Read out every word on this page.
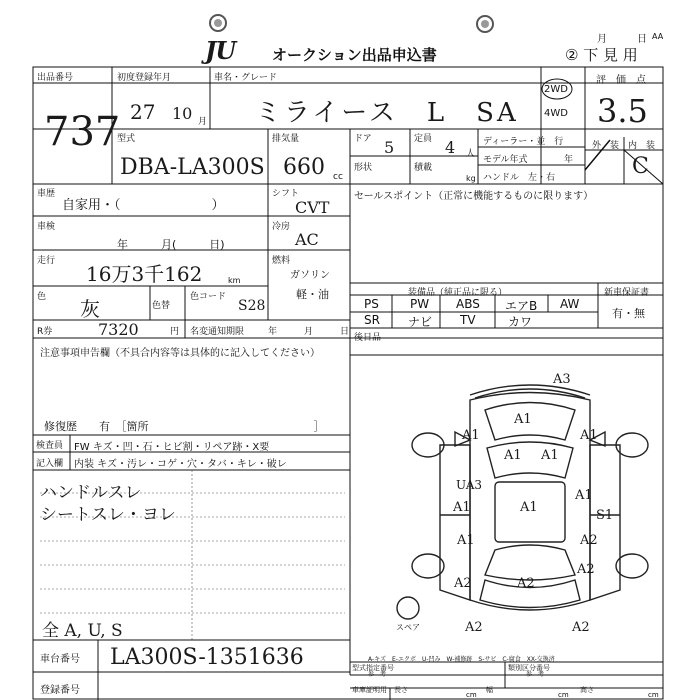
JU オークション出品申込書
月	日 AA
② 下 見 用
出品番号
737
初度登録年月
27 10 月
車名・グレード
ミライース　L　SA
2WD
4WD
評　価　点
3.5
型式
DBA-LA300S
排気量
660 cc
ドア 5 定員 4 人
形状	積載
kg
ディーラー・並　行
モデル年式	年
ハンドル　左・右
外　装 内　装
C
車歴
自家用・（　　　　　　　）
シフト
CVT
車検
年　　　月(　　　日)
冷房
AC
走行
16万3千162	km
燃料
ガソリン
軽・油
色 灰	色替
色コード
S28
R券	7320	円 名変通知期限	年　　　月　　　日
セールスポイント（正常に機能するものに限ります）
装備品（純正品に限る）	新車保証書
有・無
PS	PW ABS エアB AW
SR ナビ TV	カワ
後日品
注意事項申告欄（不具合内容等は具体的に記入してください）
修復歴　　有　［箇所　　　　　　　　　　　　　　　］
検査員
記入欄
FW キズ・凹・石・ヒビ割・リペア跡・X要
内装 キズ・汚レ・コゲ・穴・タバ・キレ・破レ
ハンドルスレ
シートスレ・ヨレ
全 A, U, S
車台番号 LA300S-1351636
登録番号
A3
A1
A1	A1
A1 A1
UA3
A1
A1	A1
S1
A1	A2
A2
A2	A2
A2	A2
スペア
A-キズ　E-エクボ　U-凹み　W-補修跡　S-サビ　C-腐食　XX-交換済
型式指定番号
参　考
類別区分番号
参　考
車庫証明用 長さ
cm
幅
cm
高さ
cm
